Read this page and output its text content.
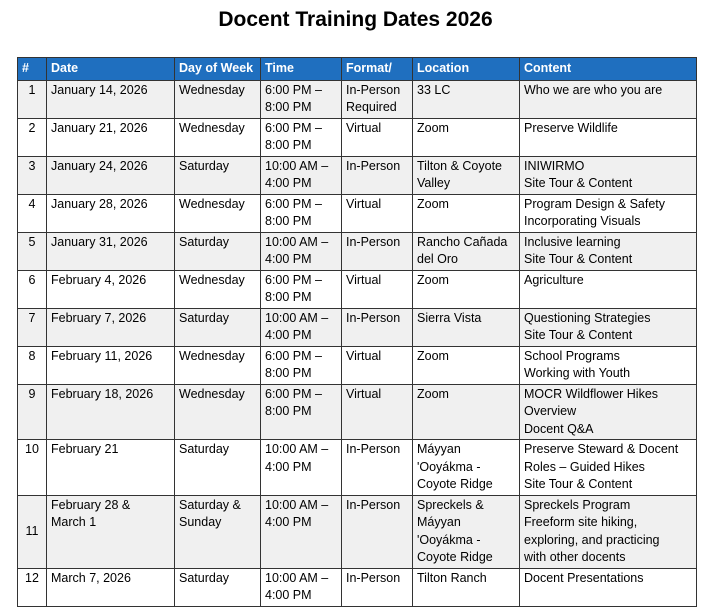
Docent Training Dates 2026
#	Date	Day of Week	Time	Format/	Location	Content
1	January 14, 2026	Wednesday	6:00 PM –
8:00 PM	In-Person
Required	33 LC	Who we are who you are
2	January 21, 2026	Wednesday	6:00 PM –
8:00 PM	Virtual	Zoom	Preserve Wildlife
3	January 24, 2026	Saturday	10:00 AM –
4:00 PM	In-Person	Tilton & Coyote
Valley	INIWIRMO
Site Tour & Content
4	January 28, 2026	Wednesday	6:00 PM –
8:00 PM	Virtual	Zoom	Program Design & Safety
Incorporating Visuals
5	January 31, 2026	Saturday	10:00 AM –
4:00 PM	In-Person	Rancho Cañada
del Oro	Inclusive learning
Site Tour & Content
6	February 4, 2026	Wednesday	6:00 PM –
8:00 PM	Virtual	Zoom	Agriculture
7	February 7, 2026	Saturday	10:00 AM –
4:00 PM	In-Person	Sierra Vista	Questioning Strategies
Site Tour & Content
8	February 11, 2026	Wednesday	6:00 PM –
8:00 PM	Virtual	Zoom	School Programs
Working with Youth
9	February 18, 2026	Wednesday	6:00 PM –
8:00 PM	Virtual	Zoom	MOCR Wildflower Hikes
Overview
Docent Q&A
10	February 21	Saturday	10:00 AM –
4:00 PM	In-Person	Máyyan
'Ooyákma -
Coyote Ridge	Preserve Steward & Docent
Roles – Guided Hikes
Site Tour & Content
11	February 28 &
March 1	Saturday &
Sunday	10:00 AM –
4:00 PM	In-Person	Spreckels &
Máyyan
'Ooyákma -
Coyote Ridge	Spreckels Program
Freeform site hiking,
exploring, and practicing
with other docents
12	March 7, 2026	Saturday	10:00 AM –
4:00 PM	In-Person	Tilton Ranch	Docent Presentations
